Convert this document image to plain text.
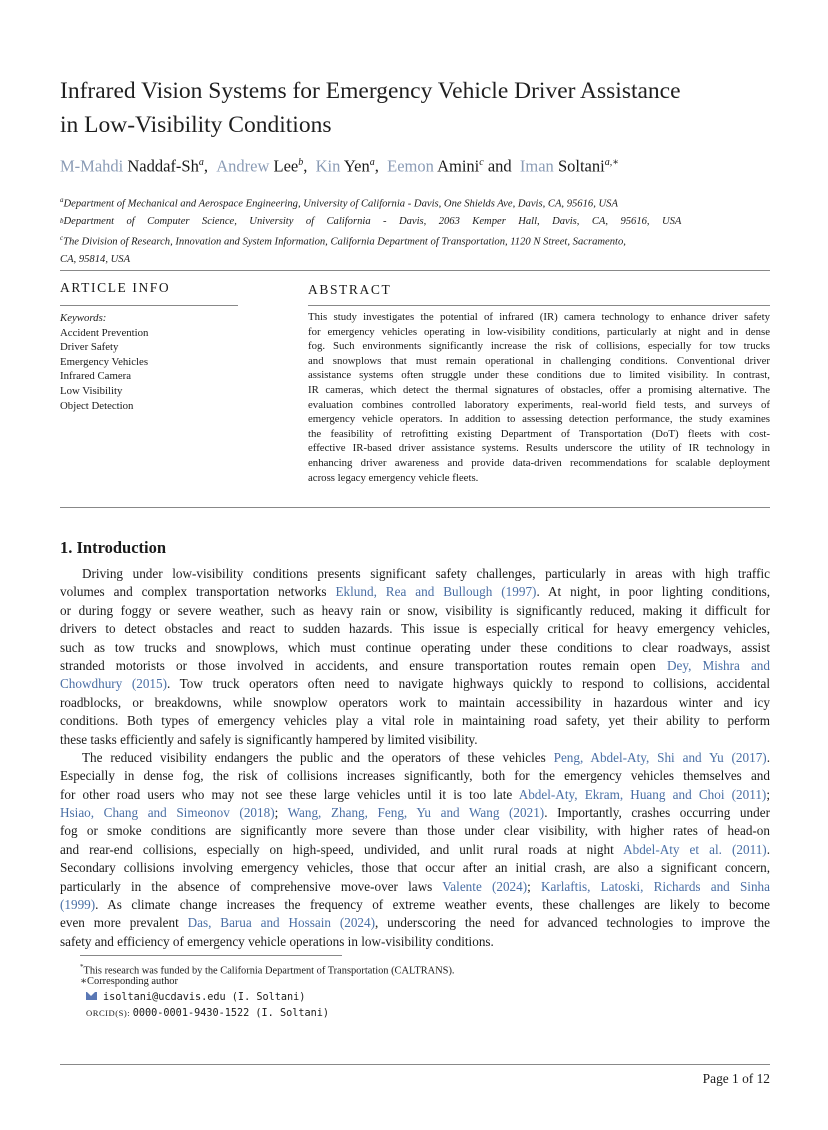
Infrared Vision Systems for Emergency Vehicle Driver Assistance
in Low-Visibility Conditions
M-Mahdi Naddaf-Sh$^a$,  Andrew Lee$^b$,  Kin Yen$^a$,  Eemon Amini$^c$ and  Iman Soltani$^{a,∗}$
$^a$Department of Mechanical and Aerospace Engineering, University of California - Davis, One Shields Ave, Davis, CA, 95616, USA
b Department of Computer Science, University of California - Davis, 2063 Kemper Hall, Davis, CA, 95616, USA
$^c$The Division of Research, Innovation and System Information, California Department of Transportation, 1120 N Street, Sacramento,
CA, 95814, USA
ARTICLE INFO	ABSTRACT
Keywords:
Accident Prevention
Driver Safety
Emergency Vehicles
Infrared Camera
Low Visibility
Object Detection
This study investigates the potential of infrared (IR) camera technology to enhance driver safety
for emergency vehicles operating in low-visibility conditions, particularly at night and in dense
fog. Such environments significantly increase the risk of collisions, especially for tow trucks
and snowplows that must remain operational in challenging conditions. Conventional driver
assistance systems often struggle under these conditions due to limited visibility. In contrast,
IR cameras, which detect the thermal signatures of obstacles, offer a promising alternative. The
evaluation combines controlled laboratory experiments, real-world field tests, and surveys of
emergency vehicle operators. In addition to assessing detection performance, the study examines
the feasibility of retrofitting existing Department of Transportation (DoT) fleets with cost-
effective IR-based driver assistance systems. Results underscore the utility of IR technology in
enhancing driver awareness and provide data-driven recommendations for scalable deployment
across legacy emergency vehicle fleets.
1. Introduction
Driving under low-visibility conditions presents significant safety challenges, particularly in areas with high traffic
volumes and complex transportation networks Eklund, Rea and Bullough (1997). At night, in poor lighting conditions,
or during foggy or severe weather, such as heavy rain or snow, visibility is significantly reduced, making it difficult for
drivers to detect obstacles and react to sudden hazards. This issue is especially critical for heavy emergency vehicles,
such as tow trucks and snowplows, which must continue operating under these conditions to clear roadways, assist
stranded motorists or those involved in accidents, and ensure transportation routes remain open Dey, Mishra and
Chowdhury (2015). Tow truck operators often need to navigate highways quickly to respond to collisions, accidental
roadblocks, or breakdowns, while snowplow operators work to maintain accessibility in hazardous winter and icy
conditions. Both types of emergency vehicles play a vital role in maintaining road safety, yet their ability to perform
these tasks efficiently and safely is significantly hampered by limited visibility.
The reduced visibility endangers the public and the operators of these vehicles Peng, Abdel-Aty, Shi and Yu (2017).
Especially in dense fog, the risk of collisions increases significantly, both for the emergency vehicles themselves and
for other road users who may not see these large vehicles until it is too late Abdel-Aty, Ekram, Huang and Choi (2011);
Hsiao, Chang and Simeonov (2018); Wang, Zhang, Feng, Yu and Wang (2021). Importantly, crashes occurring under
fog or smoke conditions are significantly more severe than those under clear visibility, with higher rates of head-on
and rear-end collisions, especially on high-speed, undivided, and unlit rural roads at night Abdel-Aty et al. (2011).
Secondary collisions involving emergency vehicles, those that occur after an initial crash, are also a significant concern,
particularly in the absence of comprehensive move-over laws Valente (2024); Karlaftis, Latoski, Richards and Sinha
(1999). As climate change increases the frequency of extreme weather events, these challenges are likely to become
even more prevalent Das, Barua and Hossain (2024), underscoring the need for advanced technologies to improve the
safety and efficiency of emergency vehicle operations in low-visibility conditions.
*This research was funded by the California Department of Transportation (CALTRANS).
∗Corresponding author
isoltani@ucdavis.edu (I. Soltani)
ORCID(S): 0000-0001-9430-1522 (I. Soltani)
Page 1 of 12
